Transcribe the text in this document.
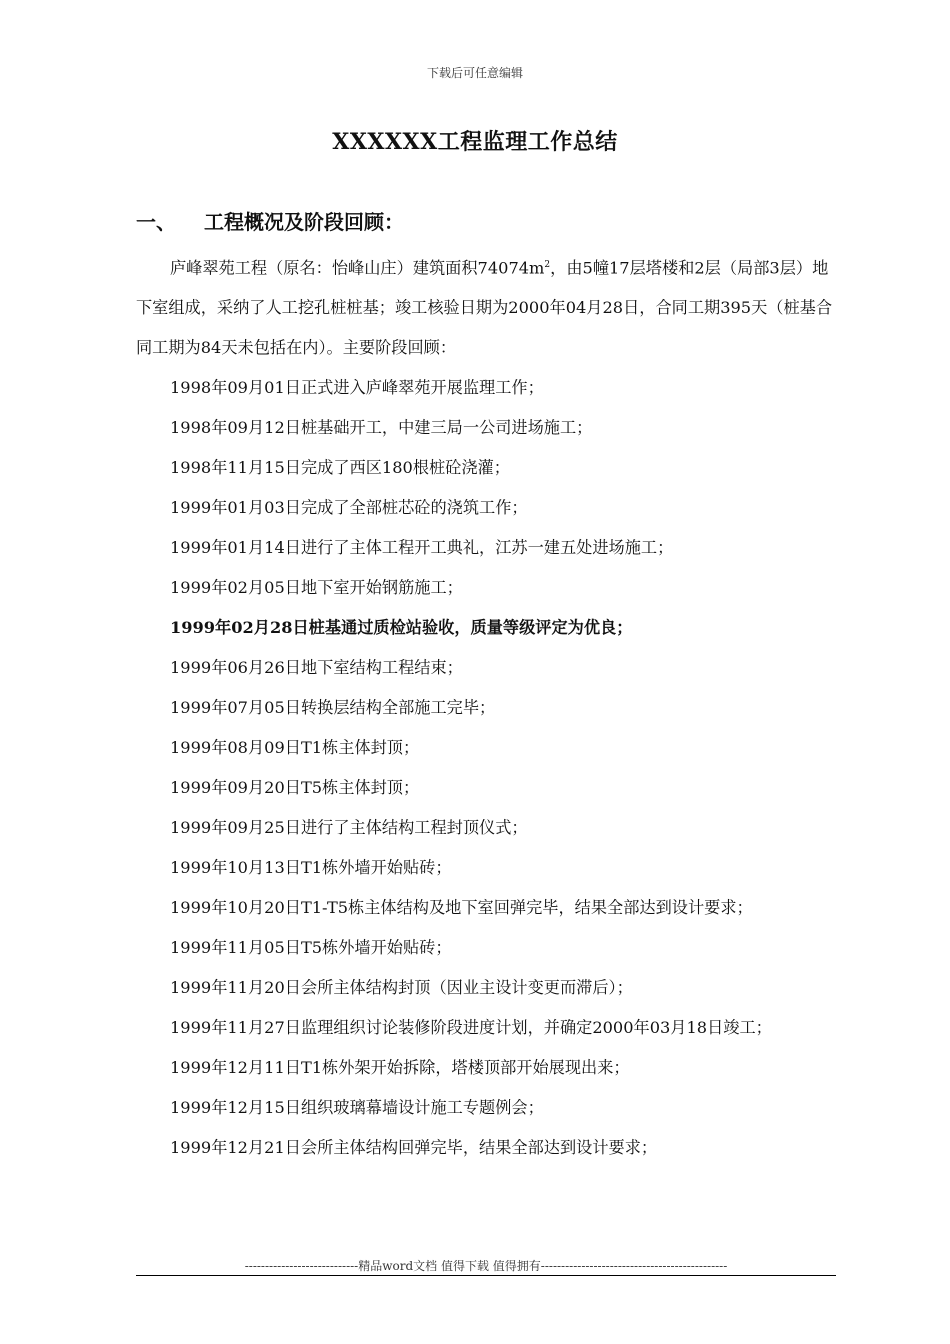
下载后可任意编辑
XXXXXX工程监理工作总结
一、 工程概况及阶段回顾：

庐峰翠苑工程（原名：怡峰山庄）建筑面积$74074m^2$，由5幢17层塔楼和2层（局部3层）地下室组成，采纳了人工挖孔桩桩基；竣工核验日期为2000年04月28日，合同工期395天（桩基合同工期为84天未包括在内）。主要阶段回顾：

1998年09月01日正式进入庐峰翠苑开展监理工作；

1998年09月12日桩基础开工，中建三局一公司进场施工；

1998年11月15日完成了西区180根桩砼浇灌；

1999年01月03日完成了全部桩芯砼的浇筑工作；

1999年01月14日进行了主体工程开工典礼，江苏一建五处进场施工；

1999年02月05日地下室开始钢筋施工；

1999年02月28日桩基通过质检站验收，质量等级评定为优良；

1999年06月26日地下室结构工程结束；

1999年07月05日转换层结构全部施工完毕；

1999年08月09日T1栋主体封顶；

1999年09月20日T5栋主体封顶；

1999年09月25日进行了主体结构工程封顶仪式；

1999年10月13日T1栋外墙开始贴砖；

1999年10月20日T1-T5栋主体结构及地下室回弹完毕，结果全部达到设计要求；

1999年11月05日T5栋外墙开始贴砖；

1999年11月20日会所主体结构封顶（因业主设计变更而滞后）；

1999年11月27日监理组织讨论装修阶段进度计划，并确定2000年03月18日竣工；

1999年12月11日T1栋外架开始拆除，塔楼顶部开始展现出来；

1999年12月15日组织玻璃幕墙设计施工专题例会；

1999年12月21日会所主体结构回弹完毕，结果全部达到设计要求；

----------------------------精品word文档 值得下载 值得拥有----------------------------------------------
